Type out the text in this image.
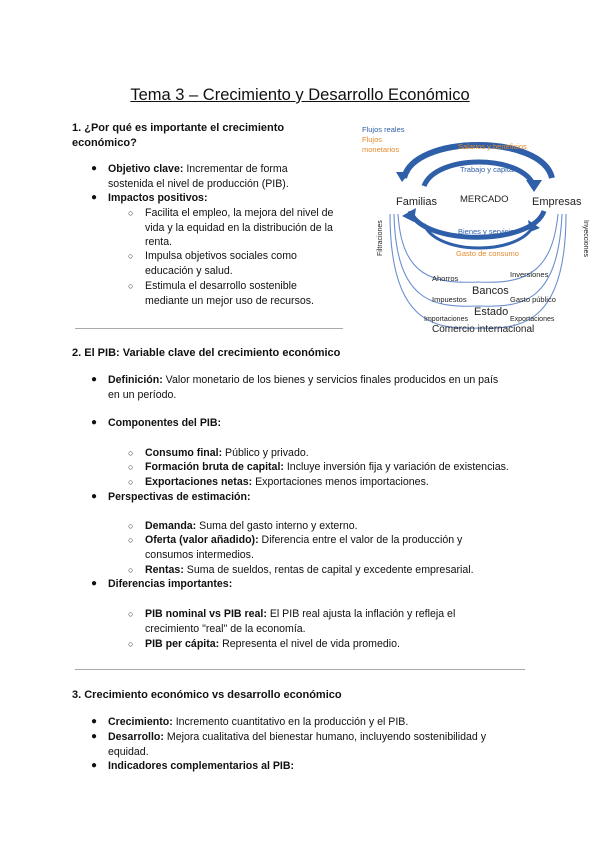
Tema 3 – Crecimiento y Desarrollo Económico
1. ¿Por qué es importante el crecimiento
económico?
● Objetivo clave: Incrementar de forma
sostenida el nivel de producción (PIB).
● Impactos positivos:
○ Facilita el empleo, la mejora del nivel de
vida y la equidad en la distribución de la
renta.
○ Impulsa objetivos sociales como
educación y salud.
○ Estimula el desarrollo sostenible
mediante un mejor uso de recursos.
Flujos reales
Flujos
monetarios	Salarios y beneficios
Trabajo y capital
Familias MERCADO Empresas
Bienes y servicios
Gasto de consumo
Filtraciones	Inyecciones
Ahorros	Inversiones
Bancos
Impuestos	Gasto público
Estado
Importaciones	Exportaciones
Comercio internacional
2. El PIB: Variable clave del crecimiento económico
● Definición: Valor monetario de los bienes y servicios finales producidos en un país
en un período.
● Componentes del PIB:
○ Consumo final: Público y privado.
○ Formación bruta de capital: Incluye inversión fija y variación de existencias.
○ Exportaciones netas: Exportaciones menos importaciones.
● Perspectivas de estimación:
○ Demanda: Suma del gasto interno y externo.
○ Oferta (valor añadido): Diferencia entre el valor de la producción y
consumos intermedios.
○ Rentas: Suma de sueldos, rentas de capital y excedente empresarial.
● Diferencias importantes:
○ PIB nominal vs PIB real: El PIB real ajusta la inflación y refleja el
crecimiento "real" de la economía.
○ PIB per cápita: Representa el nivel de vida promedio.
3. Crecimiento económico vs desarrollo económico
● Crecimiento: Incremento cuantitativo en la producción y el PIB.
● Desarrollo: Mejora cualitativa del bienestar humano, incluyendo sostenibilidad y
equidad.
● Indicadores complementarios al PIB:
